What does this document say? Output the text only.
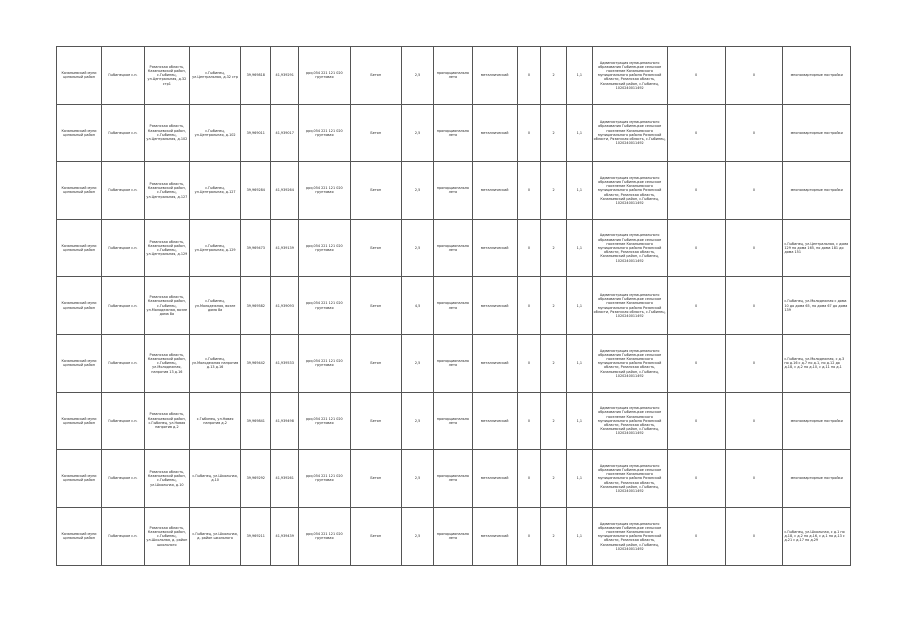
Казаньевский муни ципальный район	Гыбинецкое с.п.	Рязанская область, Казаньевский район, с.Гыбинец, ул.Центральная, д.32 стр1	с.Гыбинец, ул.Центральная, д.32 стр	39,969818	41,939291	ppq.054 221 121 020 грунтовая	Бетон	2,5	пропорционально лета	металлический	0	2	1,1	Администрация муниципального образования Гыбинецкое сельское поселение Казаньевского муниципального района Рязанской области, Рязанская область, Казаньевский район, с.Гыбинец, 1020240011492	0	0	многоквартирные постройки
Казаньевский муни ципальный район	Гыбинецкое с.п.	Рязанская область, Казаньевский район, с.Гыбинец, ул.Центральная, д.102	с.Гыбинец, ул.Центральная, д.102	39,969011	41,939017	ppq.054 221 121 020 грунтовая	Бетон	2,5	пропорционально лета	металлический	0	2	1,1	Администрация муниципального образования Гыбинецкое сельское поселение Казаньевского муниципального района Рязанской области, Рязанская область, с.Гыбинец, 1020240011492	0	0	многоквартирные постройки
Казаньевский муни ципальный район	Гыбинецкое с.п.	Рязанская область, Казаньевский район, с.Гыбинец, ул.Центральная, д.127	с.Гыбинец, ул.Центральная, д.127	39,969284	41,939264	ppq.054 221 121 020 грунтовая	Бетон	2,5	пропорционально лета	металлический	0	2	1,1	Администрация муниципального образования Гыбинецкое сельское поселение Казаньевского муниципального района Рязанской области, Рязанская область, Казаньевский район, с.Гыбинец, 1020240011492	0	0	многоквартирные постройки
Казаньевский муни ципальный район	Гыбинецкое с.п.	Рязанская область, Казаньевский район, с.Гыбинец, ул.Центральная, д.129	с.Гыбинец, ул.Центральная, д.129	39,969473	41,939139	ppq.054 221 121 020 грунтовая	Бетон	2,5	пропорционально лета	металлический	0	2	1,1	Администрация муниципального образования Гыбинецкое сельское поселение Казаньевского муниципального района Рязанской области, Рязанская область, Казаньевский район, с.Гыбинец, 1020240011492	0	0	с.Гыбинец, ул.Центральная, с дома 129 по дома 165, по дома 181 до дома 151
Казаньевский муни ципальный район	Гыбинецкое с.п.	Рязанская область, Казаньевский район, с.Гыбинец, ул.Молодежная, возле дома 8а	с.Гыбинец, ул.Молодежная, возле дома 8а	39,969582	41,939093	ppq.054 221 121 020 грунтовая	Бетон	4,5	пропорционально лета	металлический	0	2	1,1	Администрация муниципального образования Гыбинецкое сельское поселение Казаньевского муниципального района Рязанской области, Рязанская область, с.Гыбинец, 1020240011492	0	0	с.Гыбинец, ул.Молодежная с дома 10 до дома 65, по дома 67 до дома 139
Казаньевский муни ципальный район	Гыбинецкое с.п.	Рязанская область, Казаньевский район, с.Гыбинец, ул.Молодежная, напротив 13 д.16	с.Гыбинец, ул.Молодежная напротив д.13 д.16	39,969442	41,939533	ppq.054 221 121 020 грунтовая	Бетон	2,5	пропорционально лета	металлический	0	2	1,1	Администрация муниципального образования Гыбинецкое сельское поселение Казаньевского муниципального района Рязанской области, Рязанская область, Казаньевский район, с.Гыбинец, 1020240011492	0	0	с.Гыбинец, ул.Молодежная, с д.3 по д.16 с д.7 по д.1, по д.12 до д.18, с д.2 по д.10, с д.11 по д.1
Казаньевский муни ципальный район	Гыбинецкое с.п.	Рязанская область, Казаньевский район, с.Гыбинец, ул.Новая напротив д.2	с.Гыбинец, ул.Новая напротив д.2	39,969841	41,939498	ppq.054 221 121 020 грунтовая	Бетон	2,5	пропорционально лета	металлический	0	2	1,1	Администрация муниципального образования Гыбинецкое сельское поселение Казаньевского муниципального района Рязанской области, Рязанская область, Казаньевский район, с.Гыбинец, 1020240011492	0	0	многоквартирные постройки
Казаньевский муни ципальный район	Гыбинецкое с.п.	Рязанская область, Казаньевский район, с.Гыбинец, ул.Школьная, д.10	с.Гыбинец, ул.Школьная, д.10	39,969292	41,939261	ppq.054 221 121 020 грунтовая	Бетон	2,5	пропорционально лета	металлический	0	2	1,1	Администрация муниципального образования Гыбинецкое сельское поселение Казаньевского муниципального района Рязанской области, Рязанская область, Казаньевский район, с.Гыбинец, 1020240011492	0	0	многоквартирные постройки
Казаньевский муни ципальный район	Гыбинецкое с.п.	Рязанская область, Казаньевский район, с.Гыбинец, ул.Школьная, д. район школьного	с.Гыбинец, ул.Школьная, д. район школьного	39,969211	41,939439	ppq.054 221 121 020 грунтовая	Бетон	2,5	пропорционально лета	металлический	0	2	1,1	Администрация муниципального образования Гыбинецкое сельское поселение Казаньевского муниципального района Рязанской области, Рязанская область, Казаньевский район, с.Гыбинец, 1020240011492	0	0	с.Гыбинец, ул.Школьная, с д.1 по д.18, с д.2 по д.16, с д.1 по д.13 с д.21 с д.17 по д.29
